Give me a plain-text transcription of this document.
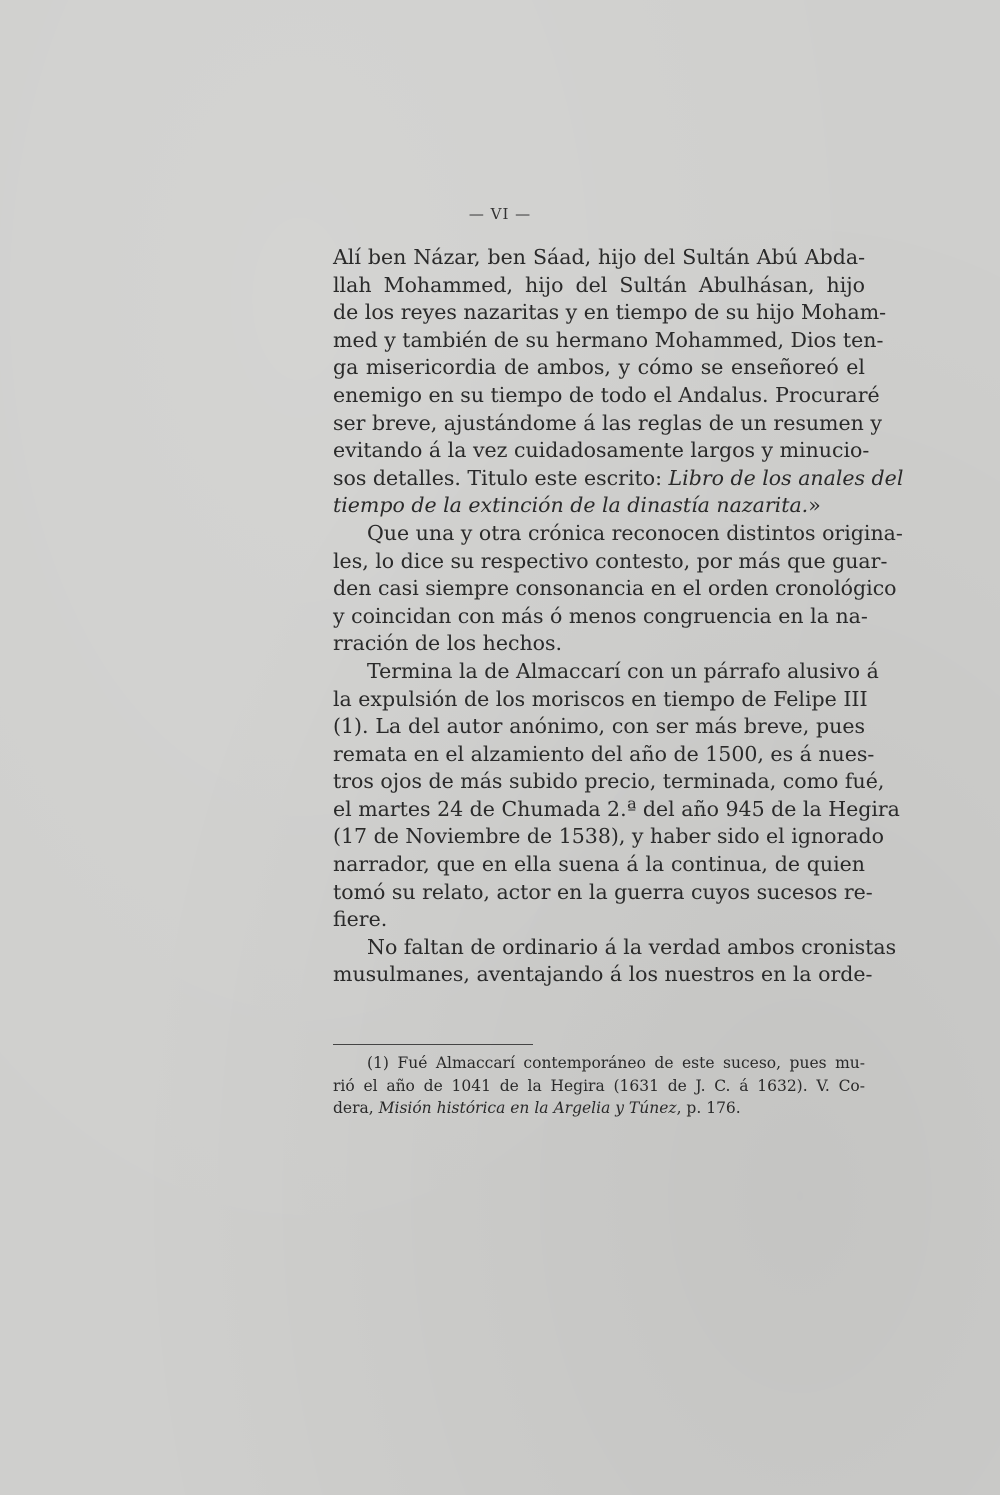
— VI —
Alí ben Názar, ben Sáad, hijo del Sultán Abú Abda-
llah Mohammed, hijo del Sultán Abulhásan, hijo
de los reyes nazaritas y en tiempo de su hijo Moham-
med y también de su hermano Mohammed, Dios ten-
ga misericordia de ambos, y cómo se enseñoreó el
enemigo en su tiempo de todo el Andalus. Procuraré
ser breve, ajustándome á las reglas de un resumen y
evitando á la vez cuidadosamente largos y minucio-
sos detalles. Titulo este escrito: Libro de los anales del
tiempo de la extinción de la dinastía nazarita.»
Que una y otra crónica reconocen distintos origina-
les, lo dice su respectivo contesto, por más que guar-
den casi siempre consonancia en el orden cronológico
y coincidan con más ó menos congruencia en la na-
rración de los hechos.
Termina la de Almaccarí con un párrafo alusivo á
la expulsión de los moriscos en tiempo de Felipe III
(1). La del autor anónimo, con ser más breve, pues
remata en el alzamiento del año de 1500, es á nues-
tros ojos de más subido precio, terminada, como fué,
el martes 24 de Chumada 2.ª del año 945 de la Hegira
(17 de Noviembre de 1538), y haber sido el ignorado
narrador, que en ella suena á la continua, de quien
tomó su relato, actor en la guerra cuyos sucesos re-
fiere.
No faltan de ordinario á la verdad ambos cronistas
musulmanes, aventajando á los nuestros en la orde-
(1) Fué Almaccarí contemporáneo de este suceso, pues mu-
rió el año de 1041 de la Hegira (1631 de J. C. á 1632). V. Co-
dera, Misión histórica en la Argelia y Túnez, p. 176.
